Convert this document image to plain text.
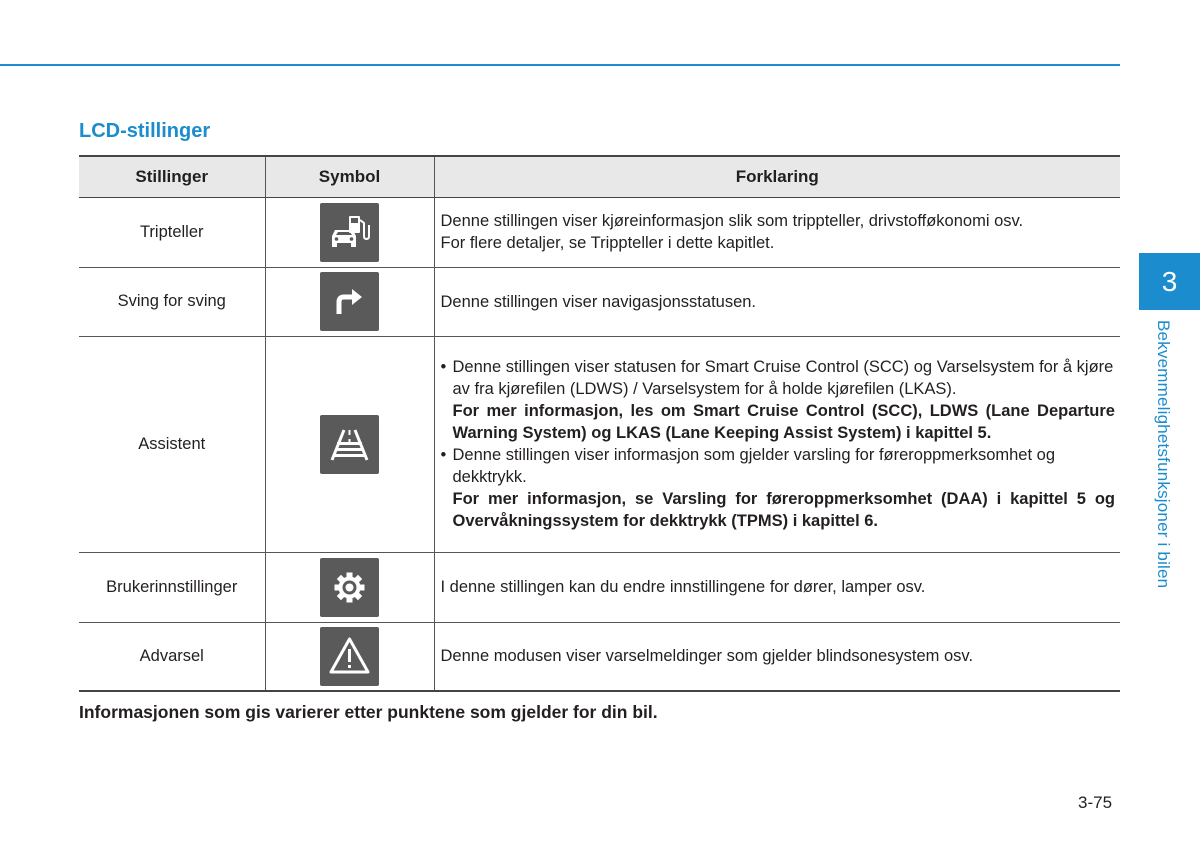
LCD-stillinger
Stillinger	Symbol	Forklaring
Tripteller		Denne stillingen viser kjøreinformasjon slik som trippteller, drivstofføkonomi osv.
For flere detaljer, se Trippteller i dette kapitlet.

Sving for sving		Denne stillingen viser navigasjonsstatusen.

Assistent		• Denne stillingen viser statusen for Smart Cruise Control (SCC) og Varselsystem for å kjøre av fra kjørefilen (LDWS) / Varselsystem for å holde kjørefilen (LKAS).
For mer informasjon, les om Smart Cruise Control (SCC), LDWS (Lane Departure Warning System) og LKAS (Lane Keeping Assist System) i kapittel 5.
• Denne stillingen viser informasjon som gjelder varsling for føreroppmerksomhet og dekktrykk.
For mer informasjon, se Varsling for føreroppmerksomhet (DAA) i kapittel 5 og Overvåkningssystem for dekktrykk (TPMS) i kapittel 6.

Brukerinnstillinger		I denne stillingen kan du endre innstillingene for dører, lamper osv.

Advarsel		Denne modusen viser varselmeldinger som gjelder blindsonesystem osv.

Informasjonen som gis varierer etter punktene som gjelder for din bil.

3
Bekvemmelighetsfunksjoner i bilen
3-75
